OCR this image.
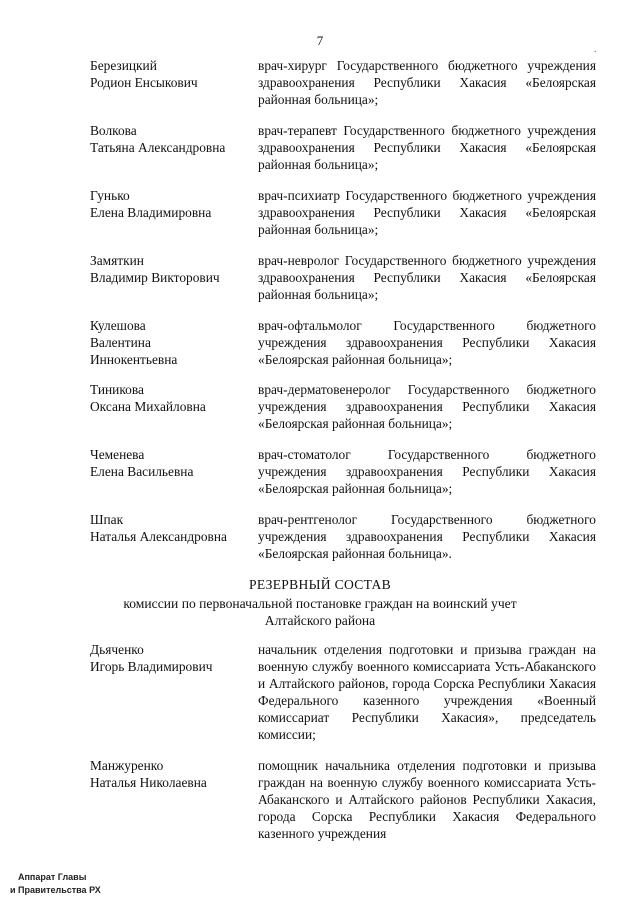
7
.
Березицкий
Родион Енсыкович
врач-хирург Государственного бюджетного учреждения здравоохранения Республики Хакасия «Белоярская районная больница»;
Волкова
Татьяна Александровна
врач-терапевт Государственного бюджетного учреждения здравоохранения Республики Хакасия «Белоярская районная больница»;
Гунько
Елена Владимировна
врач-психиатр Государственного бюджетного учреждения здравоохранения Республики Хакасия «Белоярская районная больница»;
Замяткин
Владимир Викторович
врач-невролог Государственного бюджетного учреждения здравоохранения Республики Хакасия «Белоярская районная больница»;
Кулешова
Валентина
Иннокентьевна
врач-офтальмолог Государственного бюджетного учреждения здравоохранения Республики Хакасия «Белоярская районная больница»;
Тиникова
Оксана Михайловна
врач-дерматовенеролог Государственного бюджетного учреждения здравоохранения Республики Хакасия «Белоярская районная больница»;
Чеменева
Елена Васильевна
врач-стоматолог Государственного бюджетного учреждения здравоохранения Республики Хакасия «Белоярская районная больница»;
Шпак
Наталья Александровна
врач-рентгенолог Государственного бюджетного учреждения здравоохранения Республики Хакасия «Белоярская районная больница».
РЕЗЕРВНЫЙ СОСТАВ
комиссии по первоначальной постановке граждан на воинский учет
Алтайского района
Дьяченко
Игорь Владимирович
начальник отделения подготовки и призыва граждан на военную службу военного комиссариата Усть-Абаканского и Алтайского районов, города Сорска Республики Хакасия Федерального казенного учреждения «Военный комиссариат Республики Хакасия», председатель комиссии;
Манжуренко
Наталья Николаевна
помощник начальника отделения подготовки и призыва граждан на военную службу военного комиссариата Усть-Абаканского и Алтайского районов Республики Хакасия, города Сорска Республики Хакасия Федерального казенного учреждения
Аппарат Главы
и Правительства РХ
